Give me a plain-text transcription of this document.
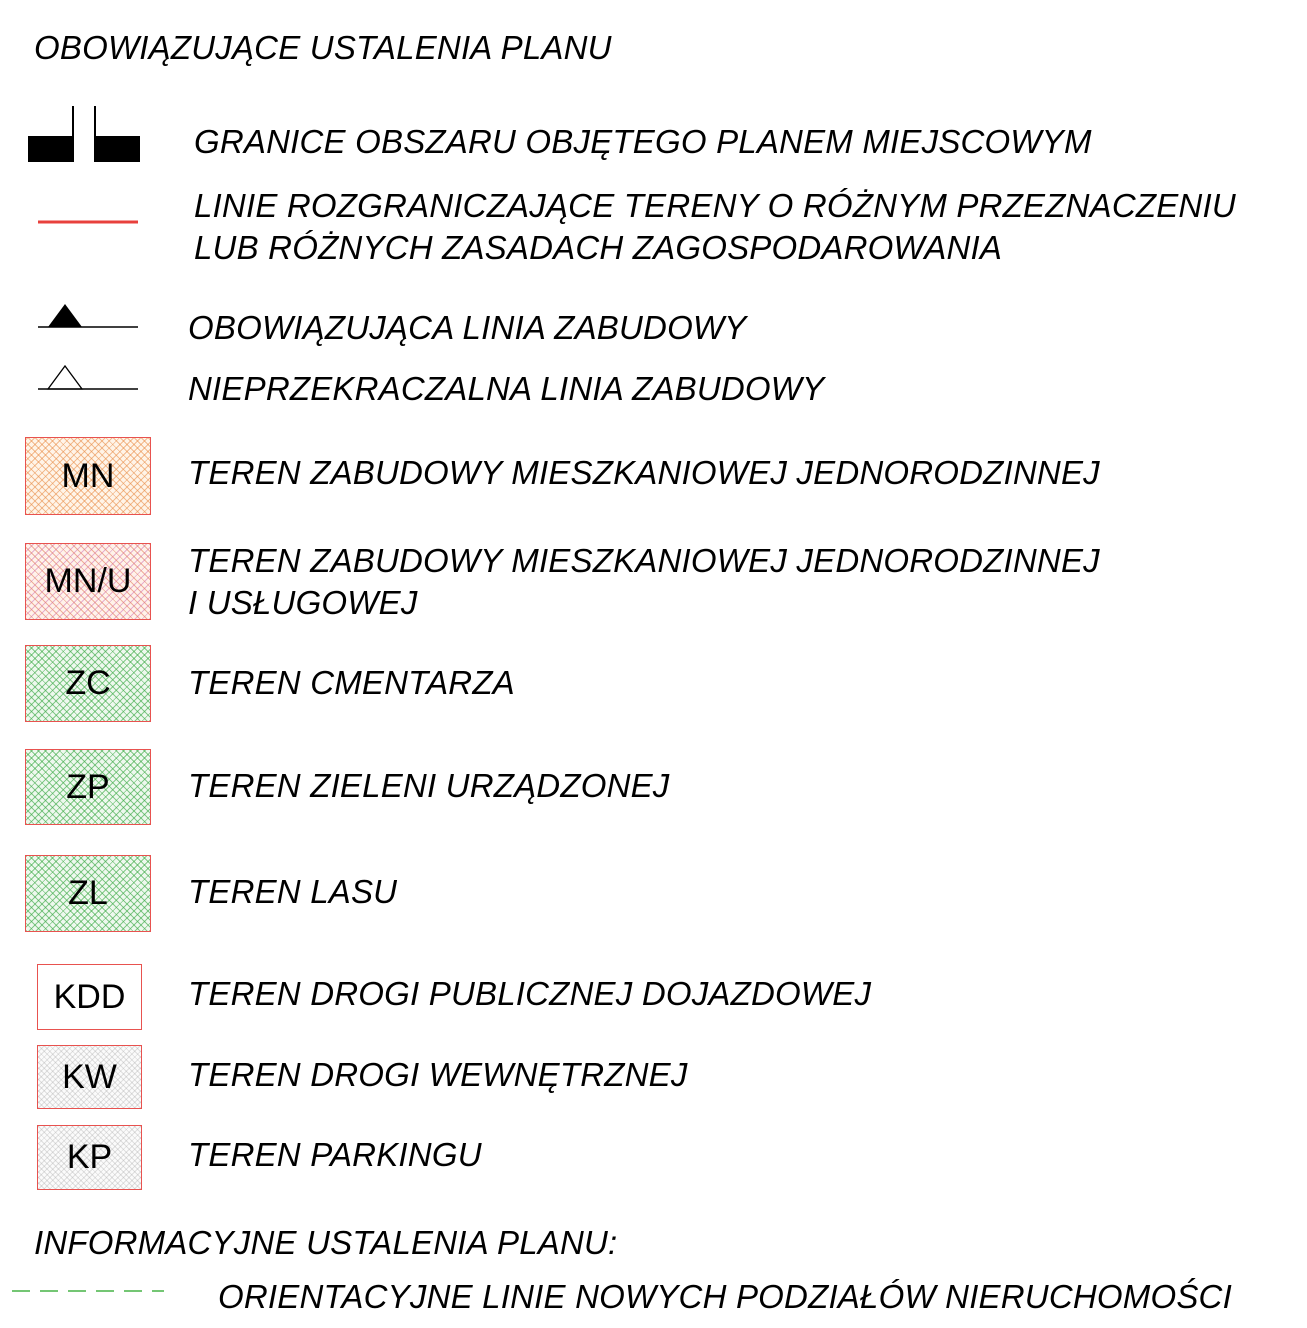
OBOWIĄZUJĄCE USTALENIA PLANU
GRANICE OBSZARU OBJĘTEGO PLANEM MIEJSCOWYM
LINIE ROZGRANICZAJĄCE TERENY O RÓŻNYM PRZEZNACZENIU
LUB RÓŻNYCH ZASADACH ZAGOSPODAROWANIA
OBOWIĄZUJĄCA LINIA ZABUDOWY
NIEPRZEKRACZALNA LINIA ZABUDOWY
MN TEREN ZABUDOWY MIESZKANIOWEJ JEDNORODZINNEJ
MN/U
TEREN ZABUDOWY MIESZKANIOWEJ JEDNORODZINNEJ
I USŁUGOWEJ
ZC TEREN CMENTARZA
ZP TEREN ZIELENI URZĄDZONEJ
ZL TEREN LASU
KDD TEREN DROGI PUBLICZNEJ DOJAZDOWEJ
KW TEREN DROGI WEWNĘTRZNEJ
KP TEREN PARKINGU
INFORMACYJNE USTALENIA PLANU:
ORIENTACYJNE LINIE NOWYCH PODZIAŁÓW NIERUCHOMOŚCI
